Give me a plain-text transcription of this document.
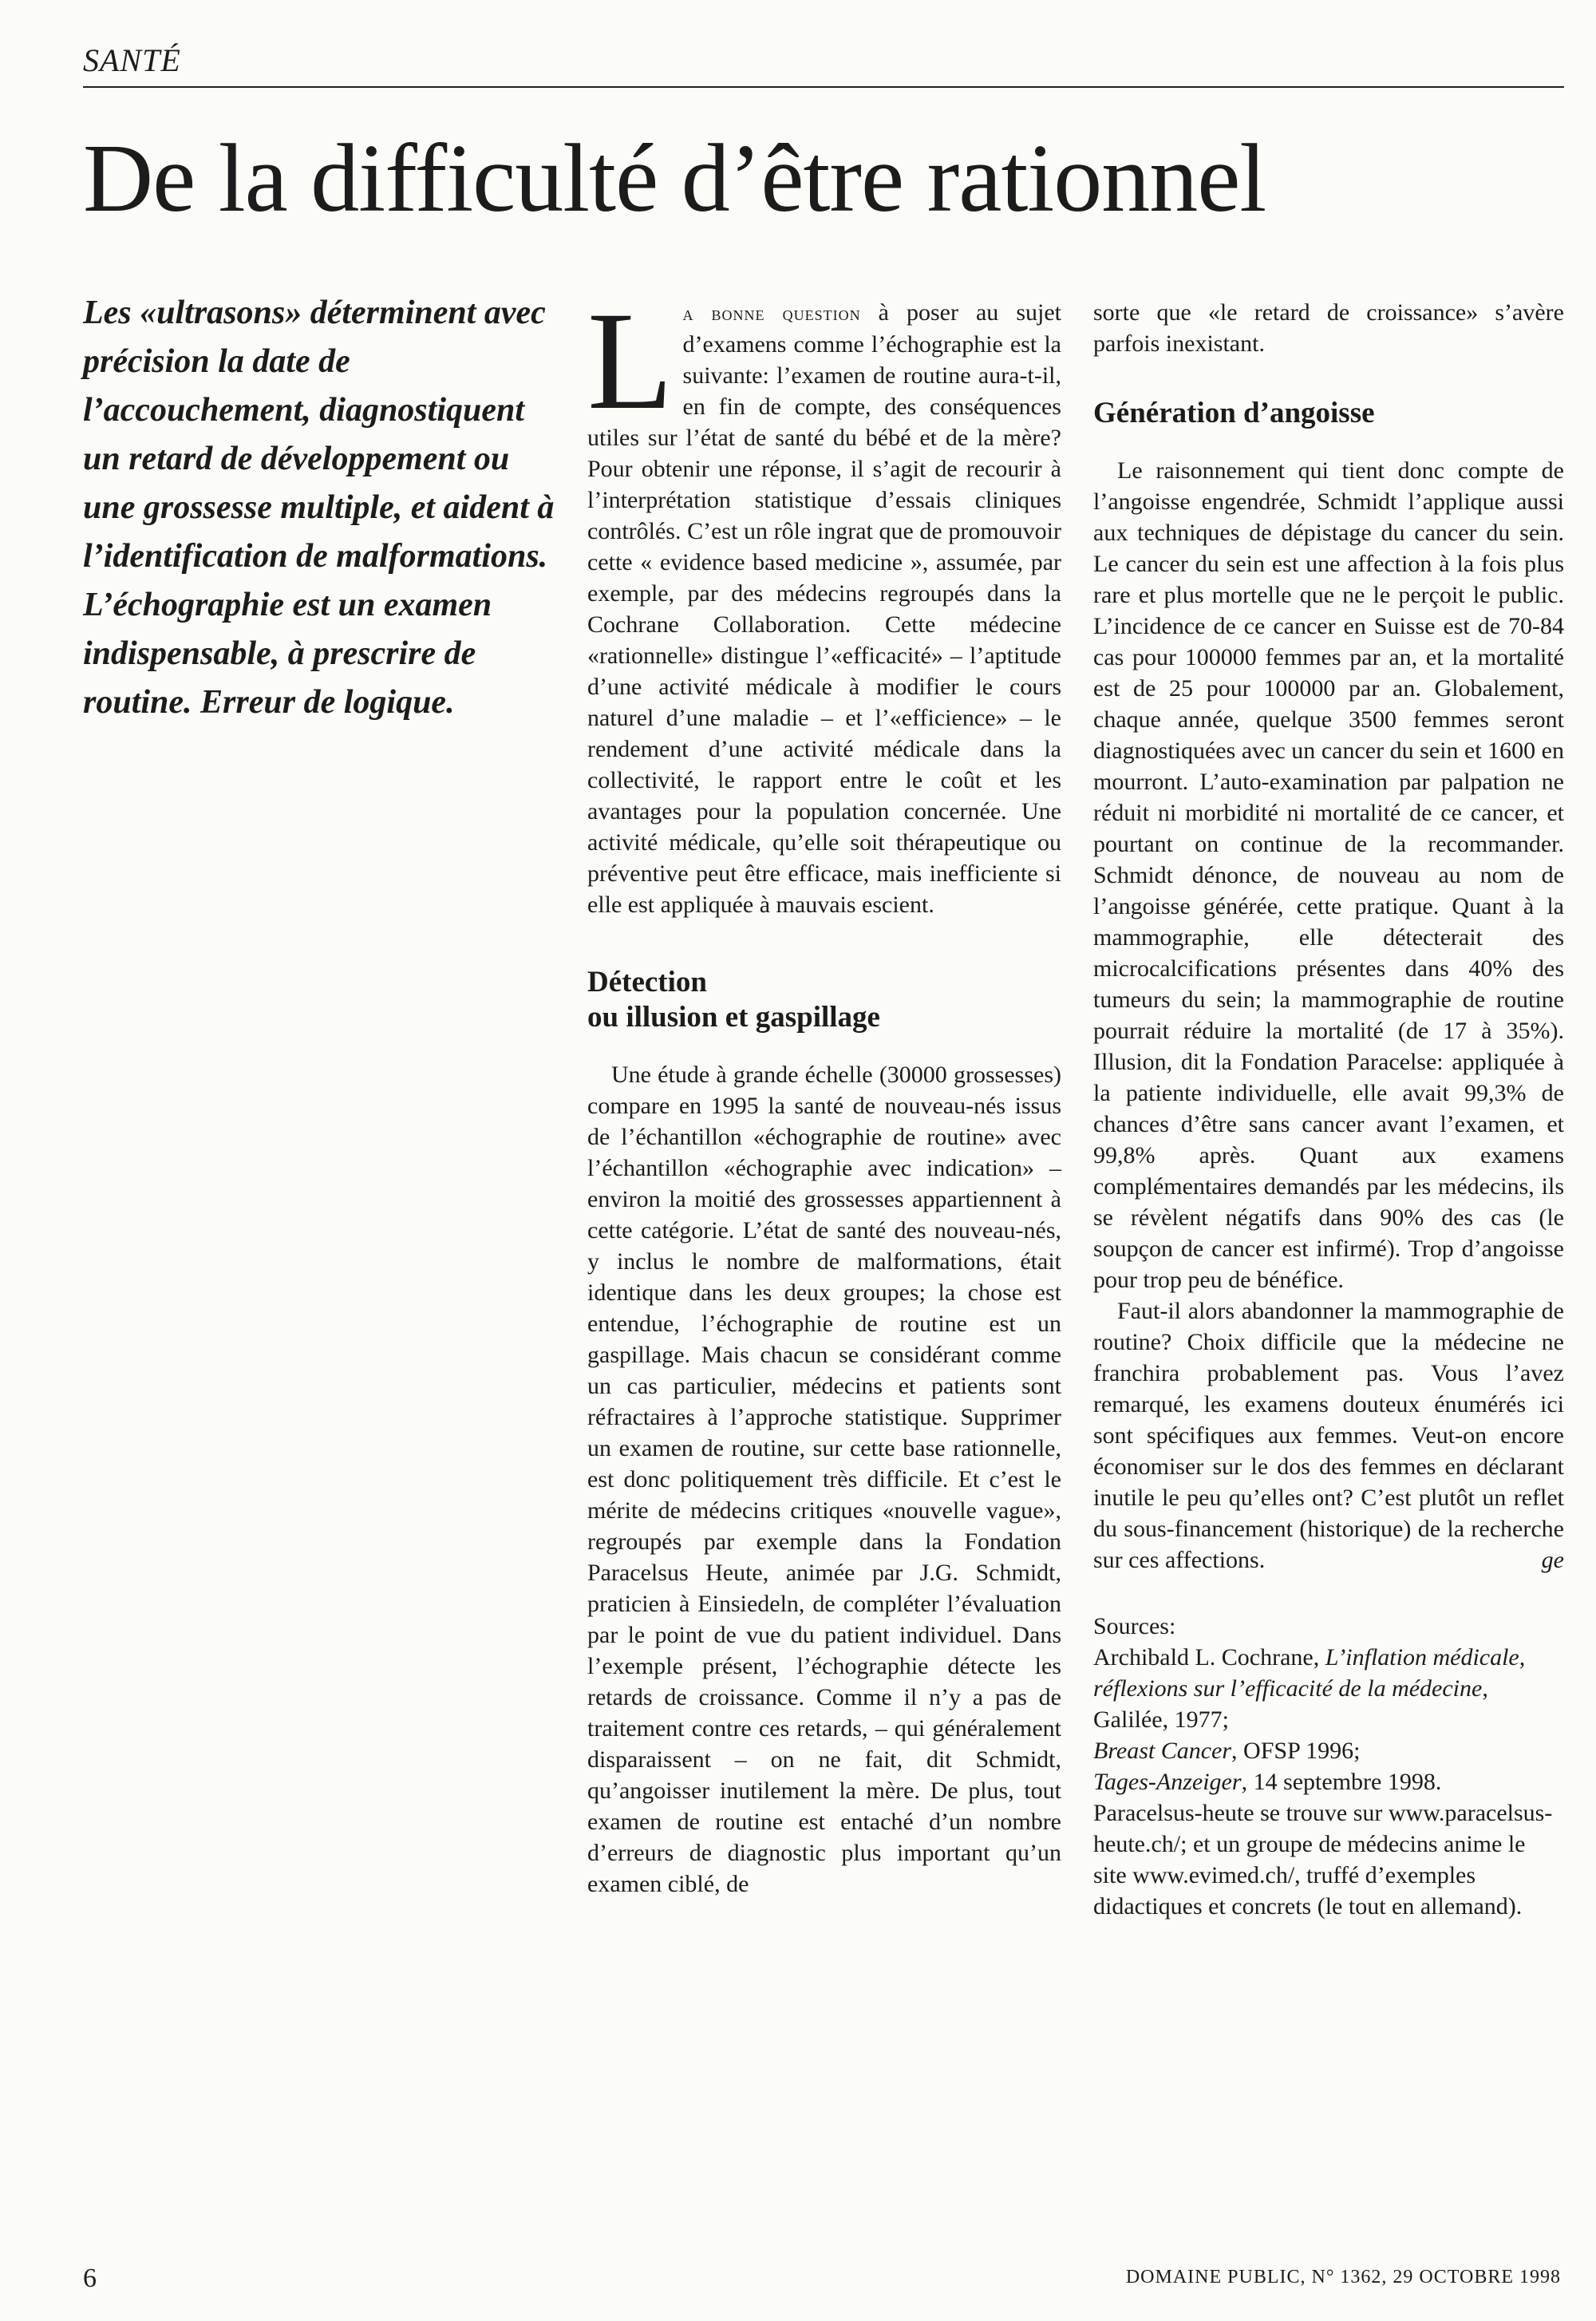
SANTÉ
De la difficulté d’être rationnel

Les «ultrasons» déterminent avec précision la date de l’accouchement, diagnostiquent un retard de développement ou une grossesse multiple, et aident à l’identification de malformations. L’échographie est un examen indispensable, à prescrire de routine. Erreur de logique.

La bonne question à poser au sujet d’examens comme l’échographie est la suivante: l’examen de routine aura-t-il, en fin de compte, des conséquences utiles sur l’état de santé du bébé et de la mère? Pour obtenir une réponse, il s’agit de recourir à l’interprétation statistique d’essais cliniques contrôlés. C’est un rôle ingrat que de promouvoir cette « evidence based medicine », assumée, par exemple, par des médecins regroupés dans la Cochrane Collaboration. Cette médecine «rationnelle» distingue l’«efficacité» – l’aptitude d’une activité médicale à modifier le cours naturel d’une maladie – et l’«efficience» – le rendement d’une activité médicale dans la collectivité, le rapport entre le coût et les avantages pour la population concernée. Une activité médicale, qu’elle soit thérapeutique ou préventive peut être efficace, mais inefficiente si elle est appliquée à mauvais escient.

Détection
ou illusion et gaspillage

Une étude à grande échelle (30000 grossesses) compare en 1995 la santé de nouveau-nés issus de l’échantillon «échographie de routine» avec l’échantillon «échographie avec indication» – environ la moitié des grossesses appartiennent à cette catégorie. L’état de santé des nouveau-nés, y inclus le nombre de malformations, était identique dans les deux groupes; la chose est entendue, l’échographie de routine est un gaspillage. Mais chacun se considérant comme un cas particulier, médecins et patients sont réfractaires à l’approche statistique. Supprimer un examen de routine, sur cette base rationnelle, est donc politiquement très difficile. Et c’est le mérite de médecins critiques «nouvelle vague», regroupés par exemple dans la Fondation Paracelsus Heute, animée par J.G. Schmidt, praticien à Einsiedeln, de compléter l’évaluation par le point de vue du patient individuel. Dans l’exemple présent, l’échographie détecte les retards de croissance. Comme il n’y a pas de traitement contre ces retards, – qui généralement disparaissent – on ne fait, dit Schmidt, qu’angoisser inutilement la mère. De plus, tout examen de routine est entaché d’un nombre d’erreurs de diagnostic plus important qu’un examen ciblé, de

sorte que «le retard de croissance» s’avère parfois inexistant.

Génération d’angoisse

Le raisonnement qui tient donc compte de l’angoisse engendrée, Schmidt l’applique aussi aux techniques de dépistage du cancer du sein. Le cancer du sein est une affection à la fois plus rare et plus mortelle que ne le perçoit le public. L’incidence de ce cancer en Suisse est de 70-84 cas pour 100000 femmes par an, et la mortalité est de 25 pour 100000 par an. Globalement, chaque année, quelque 3500 femmes seront diagnostiquées avec un cancer du sein et 1600 en mourront. L’auto-examination par palpation ne réduit ni morbidité ni mortalité de ce cancer, et pourtant on continue de la recommander. Schmidt dénonce, de nouveau au nom de l’angoisse générée, cette pratique. Quant à la mammographie, elle détecterait des microcalcifications présentes dans 40% des tumeurs du sein; la mammographie de routine pourrait réduire la mortalité (de 17 à 35%). Illusion, dit la Fondation Paracelse: appliquée à la patiente individuelle, elle avait 99,3% de chances d’être sans cancer avant l’examen, et 99,8% après. Quant aux examens complémentaires demandés par les médecins, ils se révèlent négatifs dans 90% des cas (le soupçon de cancer est infirmé). Trop d’angoisse pour trop peu de bénéfice.

Faut-il alors abandonner la mammographie de routine? Choix difficile que la médecine ne franchira probablement pas. Vous l’avez remarqué, les examens douteux énumérés ici sont spécifiques aux femmes. Veut-on encore économiser sur le dos des femmes en déclarant inutile le peu qu’elles ont? C’est plutôt un reflet du sous-financement (historique) de la recherche sur ces affections.	ge

Sources:
Archibald L. Cochrane, L’inflation médicale, réflexions sur l’efficacité de la médecine, Galilée, 1977;
Breast Cancer, OFSP 1996;
Tages-Anzeiger, 14 septembre 1998.
Paracelsus-heute se trouve sur www.paracelsus-heute.ch/; et un groupe de médecins anime le site www.evimed.ch/, truffé d’exemples didactiques et concrets (le tout en allemand).
6	DOMAINE PUBLIC, N° 1362, 29 OCTOBRE 1998
